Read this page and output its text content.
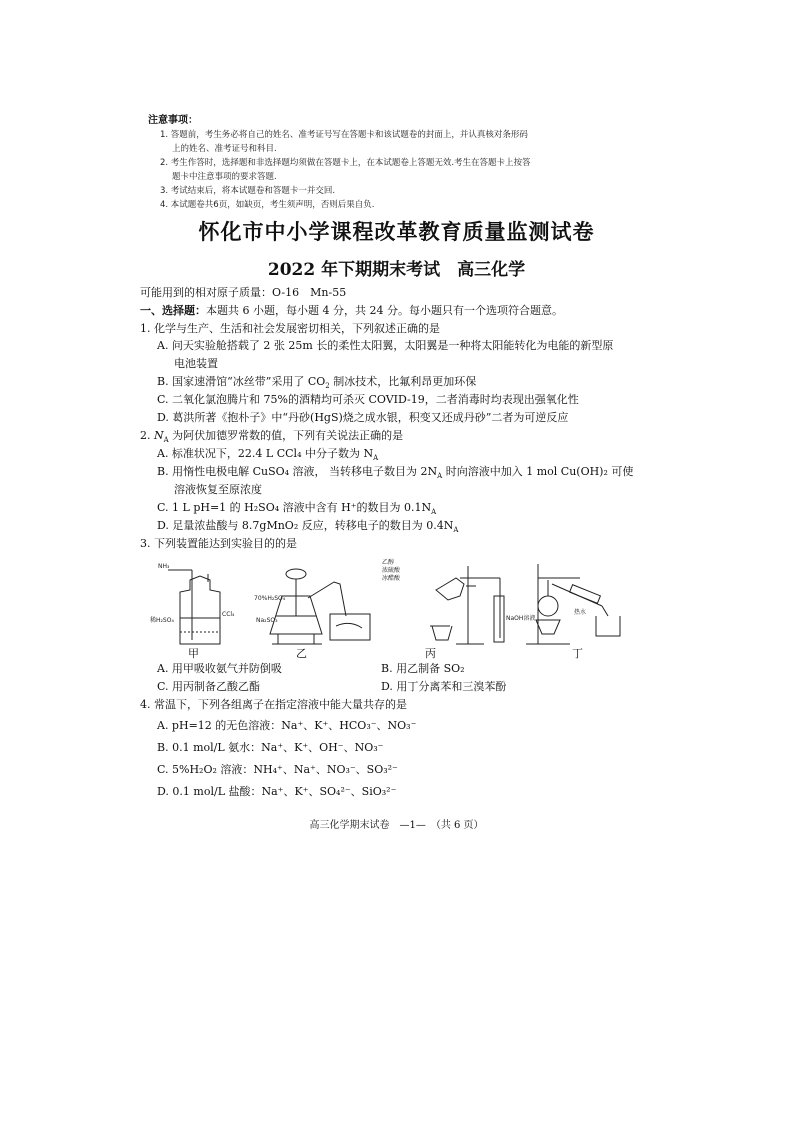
注意事项：
1. 答题前，考生务必将自己的姓名、准考证号写在答题卡和该试题卷的封面上，并认真核对条形码
上的姓名、准考证号和科目.
2. 考生作答时，选择题和非选择题均须做在答题卡上，在本试题卷上答题无效.考生在答题卡上按答
题卡中注意事项的要求答题.
3. 考试结束后，将本试题卷和答题卡一并交回.
4. 本试题卷共6页，如缺页，考生须声明，否则后果自负.
怀化市中小学课程改革教育质量监测试卷
2022 年下期期末考试　高三化学
可能用到的相对原子质量：O-16　Mn-55
一、选择题：本题共 6 小题，每小题 4 分，共 24 分。每小题只有一个选项符合题意。
1. 化学与生产、生活和社会发展密切相关，下列叙述正确的是
A. 问天实验舱搭载了 2 张 25m 长的柔性太阳翼，太阳翼是一种将太阳能转化为电能的新型原
电池装置
B. 国家速滑馆“冰丝带”采用了 $CO_2$ 制冰技术，比氟利昂更加环保
C. 二氧化氯泡腾片和 75%的酒精均可杀灭 COVID-19，二者消毒时均表现出强氧化性
D. 葛洪所著《抱朴子》中“丹砂(HgS)烧之成水银，积变又还成丹砂”二者为可逆反应
2. $N_A$ 为阿伏加德罗常数的值，下列有关说法正确的是
A. 标准状况下，22.4 L CCl₄ 中分子数为 $N_A$
B. 用惰性电极电解 CuSO₄ 溶液， 当转移电子数目为 $2N_A$ 时向溶液中加入 1 mol Cu(OH)₂ 可使
溶液恢复至原浓度
C. 1 L pH=1 的 H₂SO₄ 溶液中含有 H⁺的数目为 $0.1N_A$
D. 足量浓盐酸与 8.7gMnO₂ 反应，转移电子的数目为 $0.4N_A$
3. 下列装置能达到实验目的的是
NH₃
稀H₂SO₄
CCl₄
70%H₂SO₄
Na₂SO₃
乙醇
浓硫酸
冰醋酸
NaOH溶液
热水
甲	乙	丙	丁
A. 用甲吸收氨气并防倒吸	B. 用乙制备 SO₂
C. 用丙制备乙酸乙酯	D. 用丁分离苯和三溴苯酚
4. 常温下，下列各组离子在指定溶液中能大量共存的是
A. pH=12 的无色溶液：Na⁺、K⁺、HCO₃⁻、NO₃⁻
B. 0.1 mol/L 氨水：Na⁺、K⁺、OH⁻、NO₃⁻
C. 5%H₂O₂ 溶液：NH₄⁺、Na⁺、NO₃⁻、SO₃²⁻
D. 0.1 mol/L 盐酸：Na⁺、K⁺、SO₄²⁻、SiO₃²⁻
高三化学期末试卷　—1—　（共 6 页）
